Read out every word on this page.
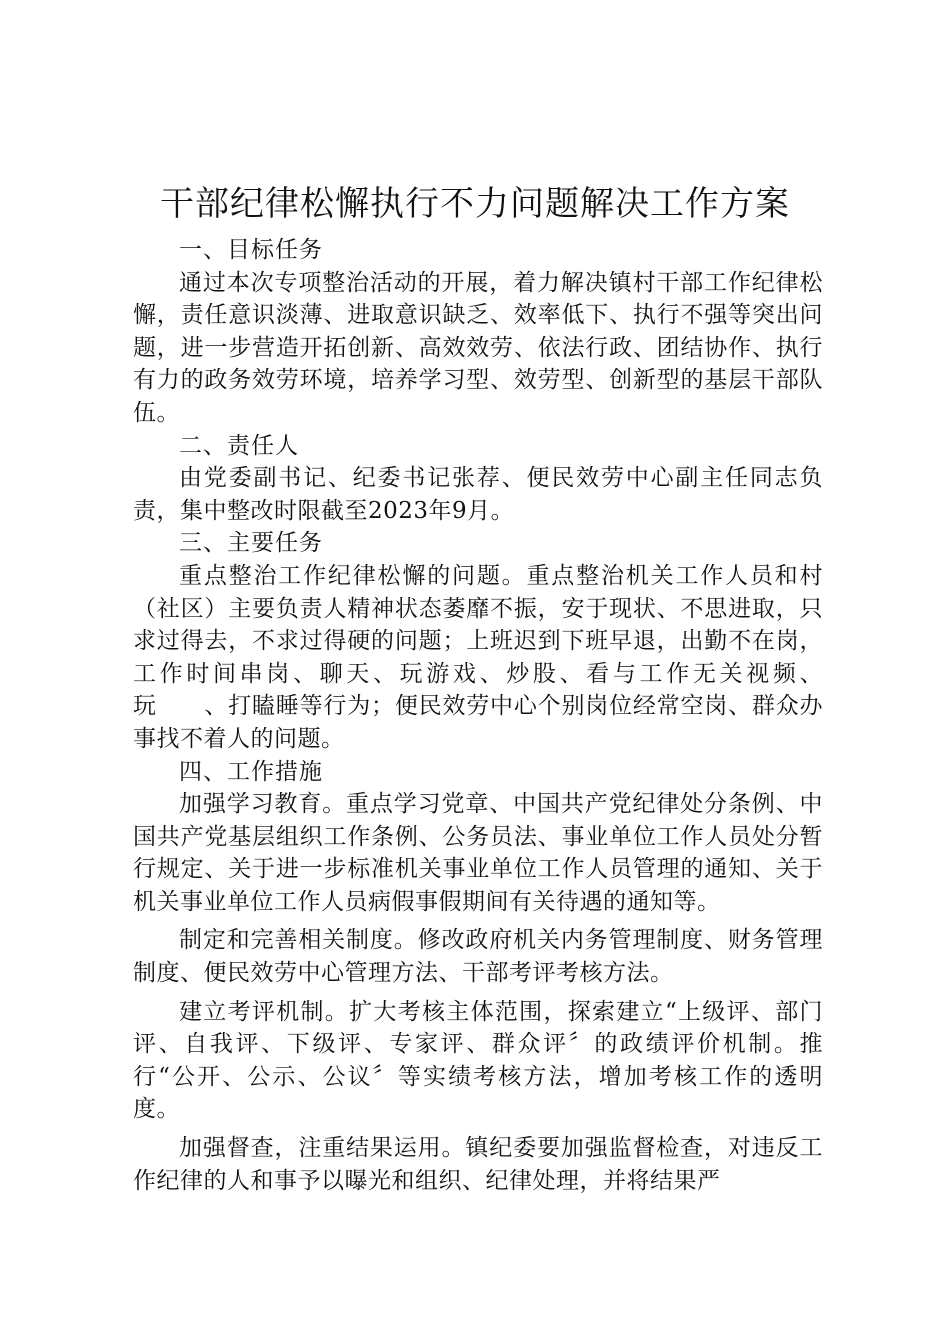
干部纪律松懈执行不力问题解决工作方案

一、目标任务

通过本次专项整治活动的开展，着力解决镇村干部工作纪律松懈，责任意识淡薄、进取意识缺乏、效率低下、执行不强等突出问题，进一步营造开拓创新、高效效劳、依法行政、团结协作、执行有力的政务效劳环境，培养学习型、效劳型、创新型的基层干部队伍。

二、责任人

由党委副书记、纪委书记张荐、便民效劳中心副主任同志负责，集中整改时限截至2023年9月。

三、主要任务

重点整治工作纪律松懈的问题。重点整治机关工作人员和村（社区）主要负责人精神状态萎靡不振，安于现状、不思进取，只求过得去，不求过得硬的问题；上班迟到下班早退，出勤不在岗，工作时间串岗、聊天、玩游戏、炒股、看与工作无关视频、玩　　、打瞌睡等行为；便民效劳中心个别岗位经常空岗、群众办事找不着人的问题。

四、工作措施

加强学习教育。重点学习党章、中国共产党纪律处分条例、中国共产党基层组织工作条例、公务员法、事业单位工作人员处分暂行规定、关于进一步标准机关事业单位工作人员管理的通知、关于机关事业单位工作人员病假事假期间有关待遇的通知等。

制定和完善相关制度。修改政府机关内务管理制度、财务管理制度、便民效劳中心管理方法、干部考评考核方法。

建立考评机制。扩大考核主体范围，探索建立“上级评、部门评、自我评、下级评、专家评、群众评〞的政绩评价机制。推行“公开、公示、公议〞等实绩考核方法，增加考核工作的透明度。

加强督查，注重结果运用。镇纪委要加强监督检查，对违反工作纪律的人和事予以曝光和组织、纪律处理，并将结果严
